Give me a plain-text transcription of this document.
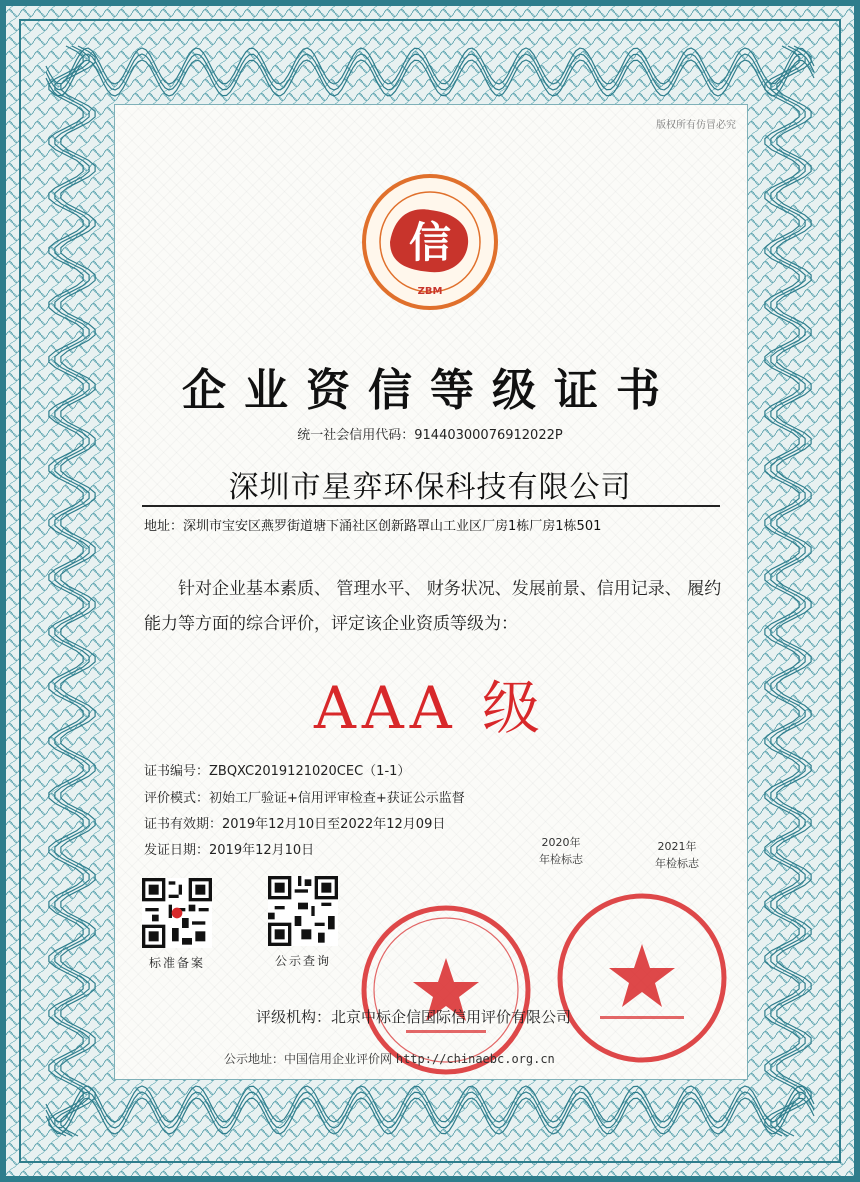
版权所有仿冒必究
信
ZBM
企业资信等级证书
统一社会信用代码：91440300076912022P
深圳市星弈环保科技有限公司
地址：深圳市宝安区燕罗街道塘下涌社区创新路罩山工业区厂房1栋厂房1栋501
针对企业基本素质、 管理水平、 财务状况、发展前景、信用记录、 履约能力等方面的综合评价，评定该企业资质等级为：
AAA 级
证书编号：ZBQXC2019121020CEC（1-1）
评价模式：初始工厂验证+信用评审检查+获证公示监督
证书有效期：2019年12月10日至2022年12月09日
发证日期：2019年12月10日
2020年
年检标志
2021年
年检标志
标准备案	公示查询
评级机构：北京中标企信国际信用评价有限公司
公示地址：中国信用企业评价网 http://chinaebc.org.cn
